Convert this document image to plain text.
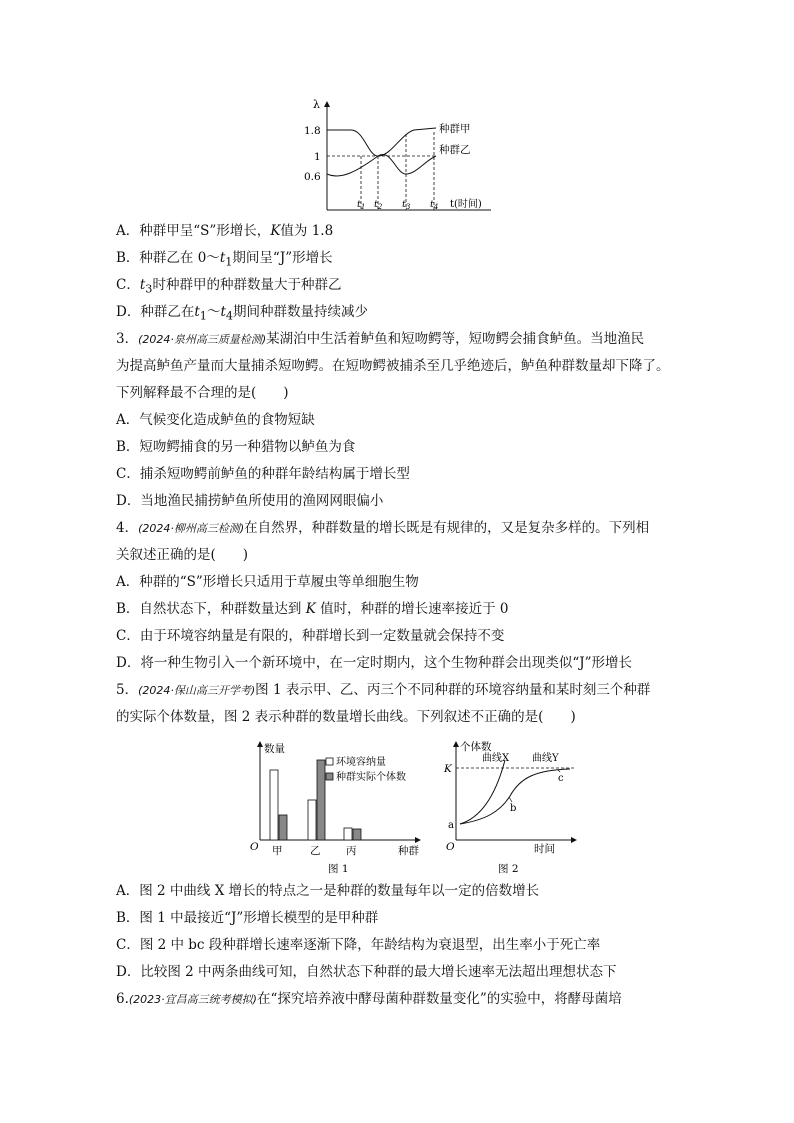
λ
1.8
1
0.6
种群甲
种群乙
$t_1$ $t_2$ $t_3$ $t_4$ t(时间)
A．种群甲呈“S”形增长，K值为 1.8
B．种群乙在 $0\sim t_1$期间呈“J”形增长
C．$t_3$时种群甲的种群数量大于种群乙
D．种群乙在$t_1\sim t_4$期间种群数量持续减少
3．(2024·泉州高三质量检测)某湖泊中生活着鲈鱼和短吻鳄等，短吻鳄会捕食鲈鱼。当地渔民
为提高鲈鱼产量而大量捕杀短吻鳄。在短吻鳄被捕杀至几乎绝迹后，鲈鱼种群数量却下降了。
下列解释最不合理的是(　　)
A．气候变化造成鲈鱼的食物短缺
B．短吻鳄捕食的另一种猎物以鲈鱼为食
C．捕杀短吻鳄前鲈鱼的种群年龄结构属于增长型
D．当地渔民捕捞鲈鱼所使用的渔网网眼偏小
4．(2024·柳州高三检测)在自然界，种群数量的增长既是有规律的，又是复杂多样的。下列相
关叙述正确的是(　　)
A．种群的“S”形增长只适用于草履虫等单细胞生物
B．自然状态下，种群数量达到 K 值时，种群的增长速率接近于 0
C．由于环境容纳量是有限的，种群增长到一定数量就会保持不变
D．将一种生物引入一个新环境中，在一定时期内，这个生物种群会出现类似“J”形增长
5．(2024·保山高三开学考)图 1 表示甲、乙、丙三个不同种群的环境容纳量和某时刻三个种群
的实际个体数量，图 2 表示种群的数量增长曲线。下列叙述不正确的是(　　)
数量
O	种群
甲	乙 丙
环境容纳量
种群实际个体数
图 1
个体数
O	时间
K
曲线X 曲线Y
a
b
c
图 2
A．图 2 中曲线 X 增长的特点之一是种群的数量每年以一定的倍数增长
B．图 1 中最接近“J”形增长模型的是甲种群
C．图 2 中 bc 段种群增长速率逐渐下降，年龄结构为衰退型，出生率小于死亡率
D．比较图 2 中两条曲线可知，自然状态下种群的最大增长速率无法超出理想状态下
6.(2023·宜昌高三统考模拟)在“探究培养液中酵母菌种群数量变化”的实验中，将酵母菌培
